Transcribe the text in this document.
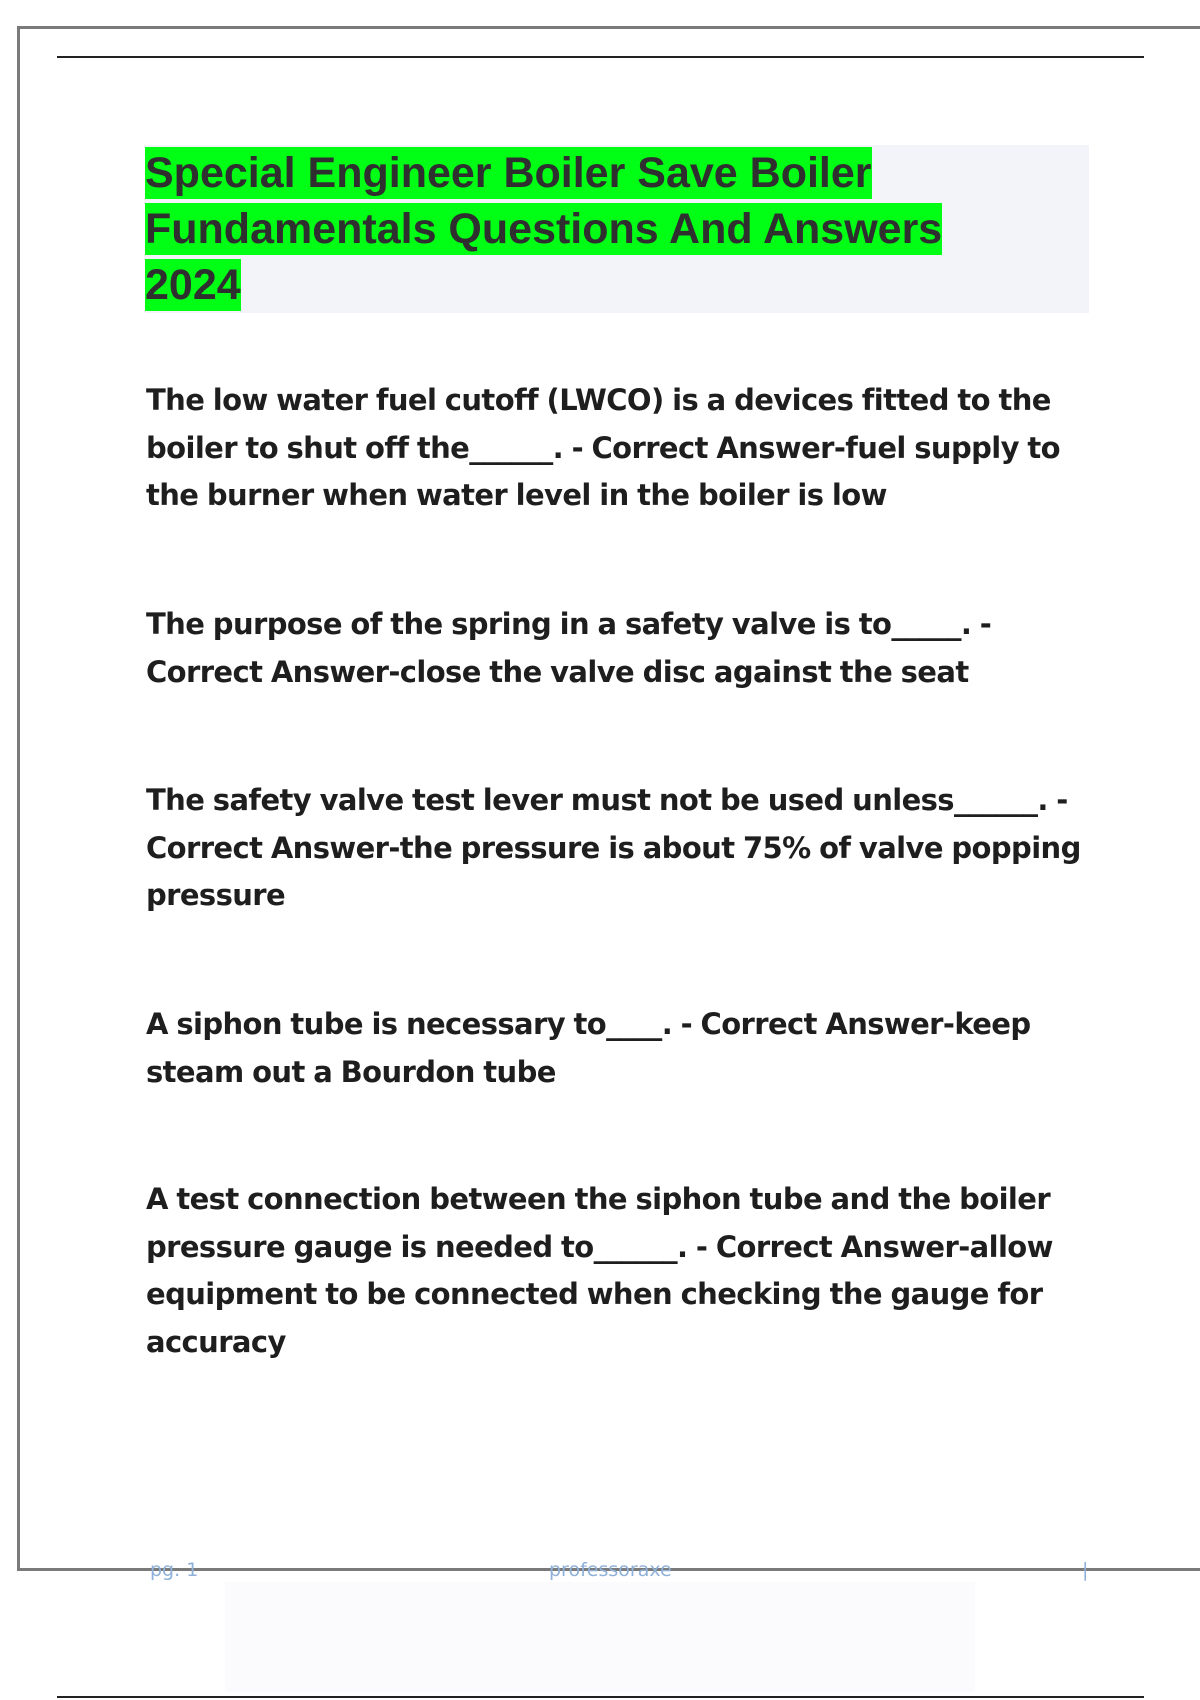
Special Engineer Boiler Save Boiler
Fundamentals Questions And Answers
2024

The low water fuel cutoff (LWCO) is a devices fitted to the
boiler to shut off the______. - Correct Answer-fuel supply to
the burner when water level in the boiler is low

The purpose of the spring in a safety valve is to_____. -
Correct Answer-close the valve disc against the seat

The safety valve test lever must not be used unless______. -
Correct Answer-the pressure is about 75% of valve popping
pressure

A siphon tube is necessary to____. - Correct Answer-keep
steam out a Bourdon tube

A test connection between the siphon tube and the boiler
pressure gauge is needed to______. - Correct Answer-allow
equipment to be connected when checking the gauge for
accuracy

pg. 1	professoraxe	|
